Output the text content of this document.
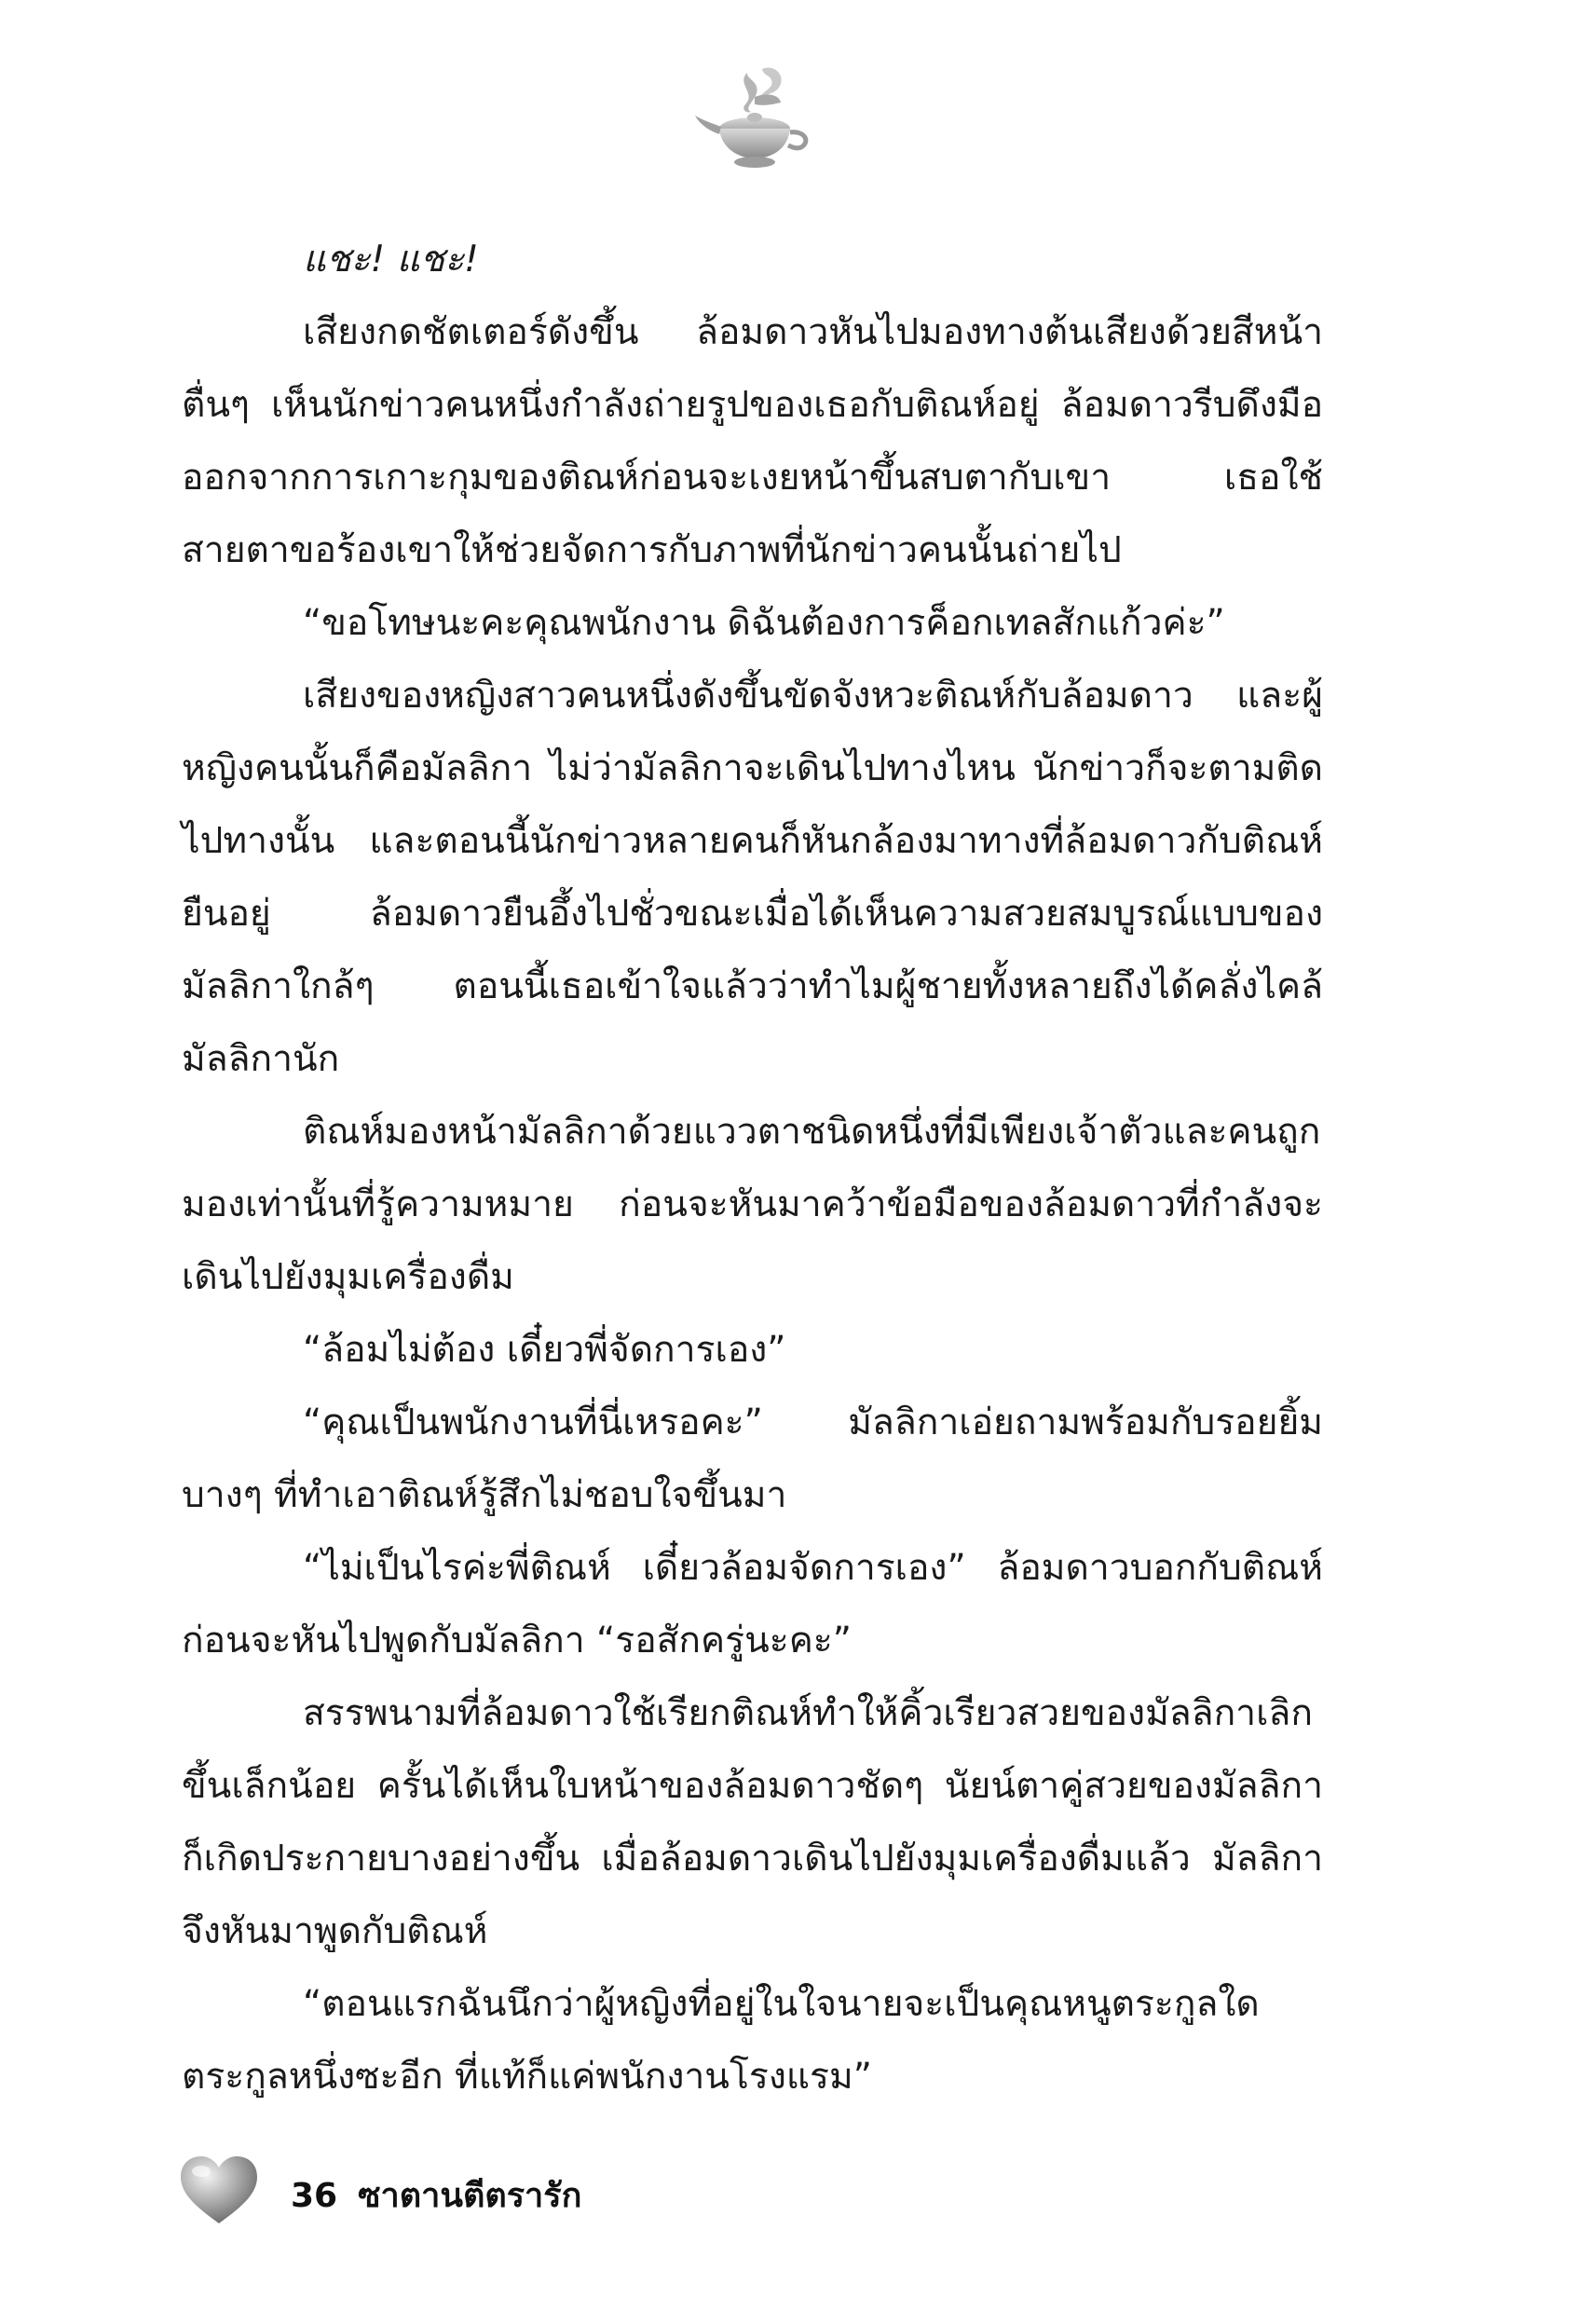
แชะ! แชะ!

เสียงกดชัตเตอร์ดังขึ้น ล้อมดาวหันไปมองทางต้นเสียงด้วยสีหน้าตื่นๆ เห็นนักข่าวคนหนึ่งกำลังถ่ายรูปของเธอกับติณห์อยู่ ล้อมดาวรีบดึงมือออกจากการเกาะกุมของติณห์ก่อนจะเงยหน้าขึ้นสบตากับเขา เธอใช้สายตาขอร้องเขาให้ช่วยจัดการกับภาพที่นักข่าวคนนั้นถ่ายไป

“ขอโทษนะคะคุณพนักงาน ดิฉันต้องการค็อกเทลสักแก้วค่ะ”

เสียงของหญิงสาวคนหนึ่งดังขึ้นขัดจังหวะติณห์กับล้อมดาว และผู้หญิงคนนั้นก็คือมัลลิกา ไม่ว่ามัลลิกาจะเดินไปทางไหน นักข่าวก็จะตามติดไปทางนั้น และตอนนี้นักข่าวหลายคนก็หันกล้องมาทางที่ล้อมดาวกับติณห์ยืนอยู่ ล้อมดาวยืนอึ้งไปชั่วขณะเมื่อได้เห็นความสวยสมบูรณ์แบบของมัลลิกาใกล้ๆ ตอนนี้เธอเข้าใจแล้วว่าทำไมผู้ชายทั้งหลายถึงได้คลั่งไคล้มัลลิกานัก

ติณห์มองหน้ามัลลิกาด้วยแววตาชนิดหนึ่งที่มีเพียงเจ้าตัวและคนถูกมองเท่านั้นที่รู้ความหมาย ก่อนจะหันมาคว้าข้อมือของล้อมดาวที่กำลังจะเดินไปยังมุมเครื่องดื่ม

“ล้อมไม่ต้อง เดี๋ยวพี่จัดการเอง”

“คุณเป็นพนักงานที่นี่เหรอคะ” มัลลิกาเอ่ยถามพร้อมกับรอยยิ้มบางๆ ที่ทำเอาติณห์รู้สึกไม่ชอบใจขึ้นมา

“ไม่เป็นไรค่ะพี่ติณห์ เดี๋ยวล้อมจัดการเอง” ล้อมดาวบอกกับติณห์ก่อนจะหันไปพูดกับมัลลิกา “รอสักครู่นะคะ”

สรรพนามที่ล้อมดาวใช้เรียกติณห์ทำให้คิ้วเรียวสวยของมัลลิกาเลิกขึ้นเล็กน้อย ครั้นได้เห็นใบหน้าของล้อมดาวชัดๆ นัยน์ตาคู่สวยของมัลลิกาก็เกิดประกายบางอย่างขึ้น เมื่อล้อมดาวเดินไปยังมุมเครื่องดื่มแล้ว มัลลิกาจึงหันมาพูดกับติณห์

“ตอนแรกฉันนึกว่าผู้หญิงที่อยู่ในใจนายจะเป็นคุณหนูตระกูลใดตระกูลหนึ่งซะอีก ที่แท้ก็แค่พนักงานโรงแรม”

36 ซาตานตีตรารัก
